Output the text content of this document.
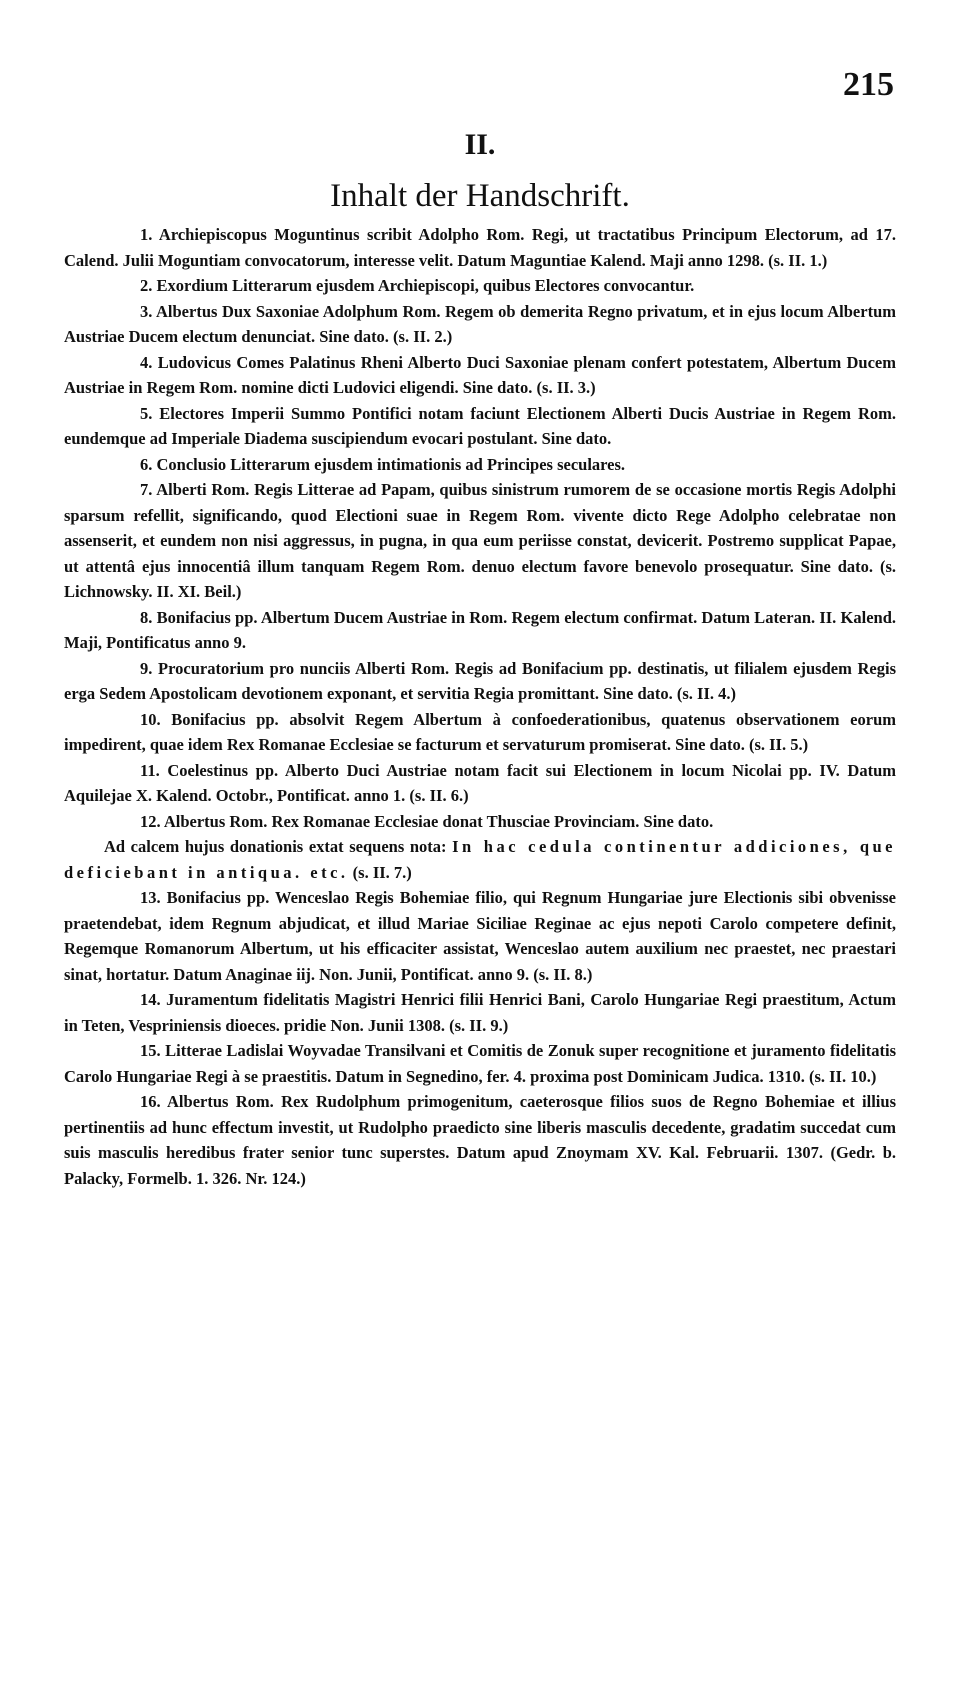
215
II.
Inhalt der Handschrift.

1. Archiepiscopus Moguntinus scribit Adolpho Rom. Regi, ut tractatibus Principum Electorum, ad 17. Calend. Julii Moguntiam convocatorum, interesse velit. Datum Maguntiae Kalend. Maji anno 1298. (s. II. 1.)

2. Exordium Litterarum ejusdem Archiepiscopi, quibus Electores convocantur.

3. Albertus Dux Saxoniae Adolphum Rom. Regem ob demerita Regno privatum, et in ejus locum Albertum Austriae Ducem electum denunciat. Sine dato. (s. II. 2.)

4. Ludovicus Comes Palatinus Rheni Alberto Duci Saxoniae plenam confert potestatem, Albertum Ducem Austriae in Regem Rom. nomine dicti Ludovici eligendi. Sine dato. (s. II. 3.)

5. Electores Imperii Summo Pontifici notam faciunt Electionem Alberti Ducis Austriae in Regem Rom. eundemque ad Imperiale Diadema suscipiendum evocari postulant. Sine dato.

6. Conclusio Litterarum ejusdem intimationis ad Principes seculares.

7. Alberti Rom. Regis Litterae ad Papam, quibus sinistrum rumorem de se occasione mortis Regis Adolphi sparsum refellit, significando, quod Electioni suae in Regem Rom. vivente dicto Rege Adolpho celebratae non assenserit, et eundem non nisi aggressus, in pugna, in qua eum periisse constat, devicerit. Postremo supplicat Papae, ut attentâ ejus innocentiâ illum tanquam Regem Rom. denuo electum favore benevolo prosequatur. Sine dato. (s. Lichnowsky. II. XI. Beil.)

8. Bonifacius pp. Albertum Ducem Austriae in Rom. Regem electum confirmat. Datum Lateran. II. Kalend. Maji, Pontificatus anno 9.

9. Procuratorium pro nunciis Alberti Rom. Regis ad Bonifacium pp. destinatis, ut filialem ejusdem Regis erga Sedem Apostolicam devotionem exponant, et servitia Regia promittant. Sine dato. (s. II. 4.)

10. Bonifacius pp. absolvit Regem Albertum à confoederationibus, quatenus observationem eorum impedirent, quae idem Rex Romanae Ecclesiae se facturum et servaturum promiserat. Sine dato. (s. II. 5.)

11. Coelestinus pp. Alberto Duci Austriae notam facit sui Electionem in locum Nicolai pp. IV. Datum Aquilejae X. Kalend. Octobr., Pontificat. anno 1. (s. II. 6.)

12. Albertus Rom. Rex Romanae Ecclesiae donat Thusciae Provinciam. Sine dato.

Ad calcem hujus donationis extat sequens nota: In hac cedula continentur addiciones, que deficiebant in antiqua. etc. (s. II. 7.)

13. Bonifacius pp. Wenceslao Regis Bohemiae filio, qui Regnum Hungariae jure Electionis sibi obvenisse praetendebat, idem Regnum abjudicat, et illud Mariae Siciliae Reginae ac ejus nepoti Carolo competere definit, Regemque Romanorum Albertum, ut his efficaciter assistat, Wenceslao autem auxilium nec praestet, nec praestari sinat, hortatur. Datum Anaginae iij. Non. Junii, Pontificat. anno 9. (s. II. 8.)

14. Juramentum fidelitatis Magistri Henrici filii Henrici Bani, Carolo Hungariae Regi praestitum, Actum in Teten, Vespriniensis dioeces. pridie Non. Junii 1308. (s. II. 9.)

15. Litterae Ladislai Woyvadae Transilvani et Comitis de Zonuk super recognitione et juramento fidelitatis Carolo Hungariae Regi à se praestitis. Datum in Segnedino, fer. 4. proxima post Dominicam Judica. 1310. (s. II. 10.)

16. Albertus Rom. Rex Rudolphum primogenitum, caeterosque filios suos de Regno Bohemiae et illius pertinentiis ad hunc effectum investit, ut Rudolpho praedicto sine liberis masculis decedente, gradatim succedat cum suis masculis heredibus frater senior tunc superstes. Datum apud Znoymam XV. Kal. Februarii. 1307. (Gedr. b. Palacky, Formelb. 1. 326. Nr. 124.)
